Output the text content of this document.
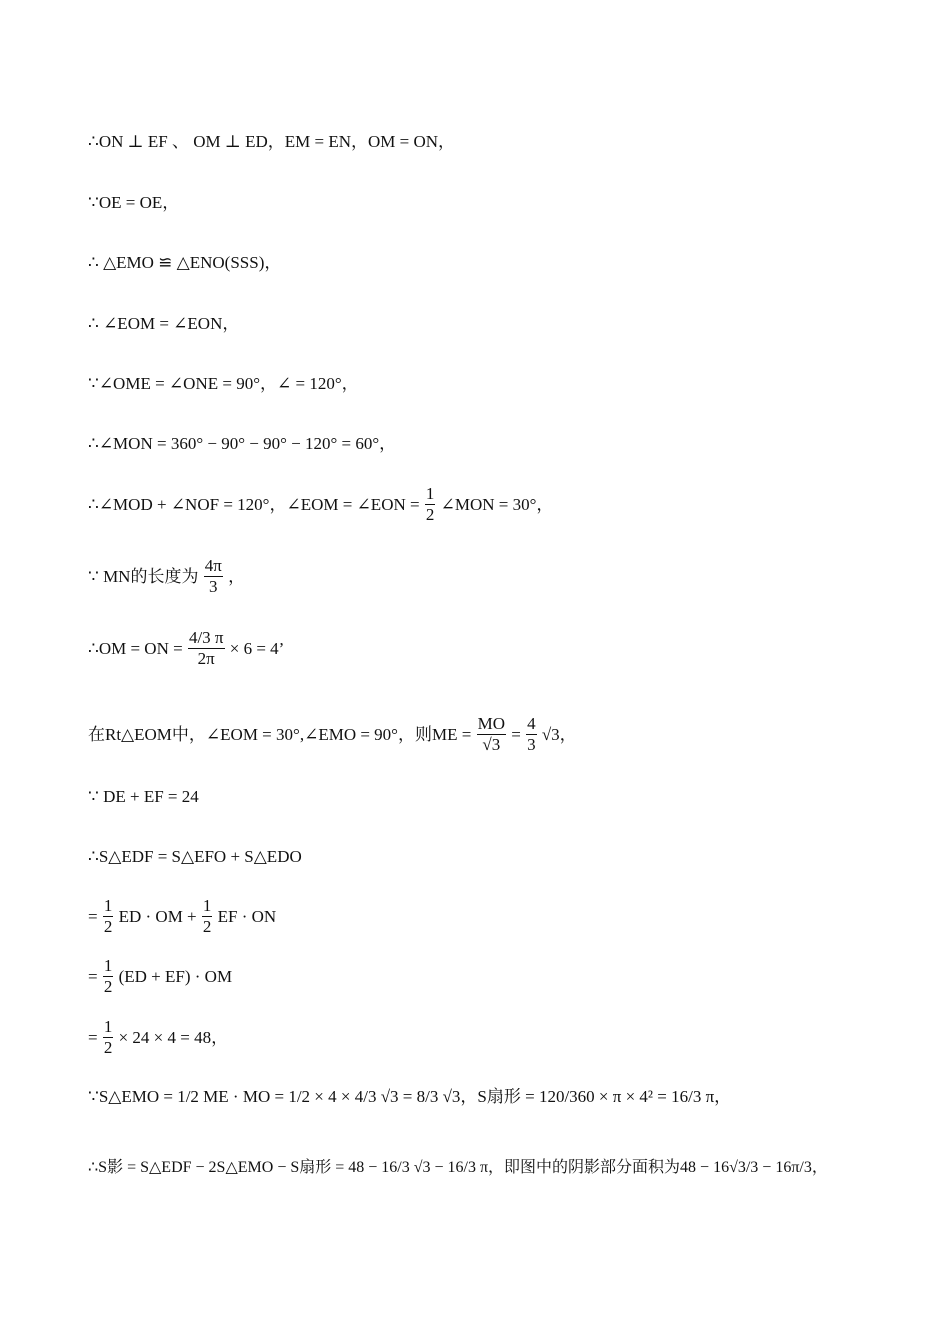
∴ON ⊥ EF 、 OM ⊥ ED，EM = EN，OM = ON，
∵OE = OE，
∴ △EMO ≌ △ENO(SSS)，
∴ ∠EOM = ∠EON，
∵∠OME = ∠ONE = 90°，∠ = 120°，
∴∠MON = 360° − 90° − 90° − 120° = 60°，
∴∠MOD + ∠NOF = 120°，∠EOM = ∠EON = $\frac{1}{2}$ ∠MON = 30°，
∵ MN的长度为 $\frac{4\pi}{3}$ ，
∴OM = ON = $\frac{4/3 \pi}{2\pi} \times 6 = 4$’
在Rt△EOM中，∠EOM = 30°,∠EMO = 90°，则ME = $\frac{MO}{√3} = \frac{4}{3} √3$，
∵ DE + EF = 24
∴S△EDF = S△EFO + S△EDO
= $\frac{1}{2}$ ED · OM + $\frac{1}{2}$ EF · ON
= $\frac{1}{2} (ED + EF)$ · OM
= $\frac{1}{2} \times 24 \times 4 = 48$，
∵S△EMO = 1/2 ME · MO = 1/2 × 4 × 4/3 √3 = 8/3 √3，S扇形 = 120/360 × π × 4² = 16/3 π，
∴S影 = S△EDF − 2S△EMO − S扇形 = 48 − 16/3 √3 − 16/3 π，即图中的阴影部分面积为48 − 16√3/3 − 16π/3，
